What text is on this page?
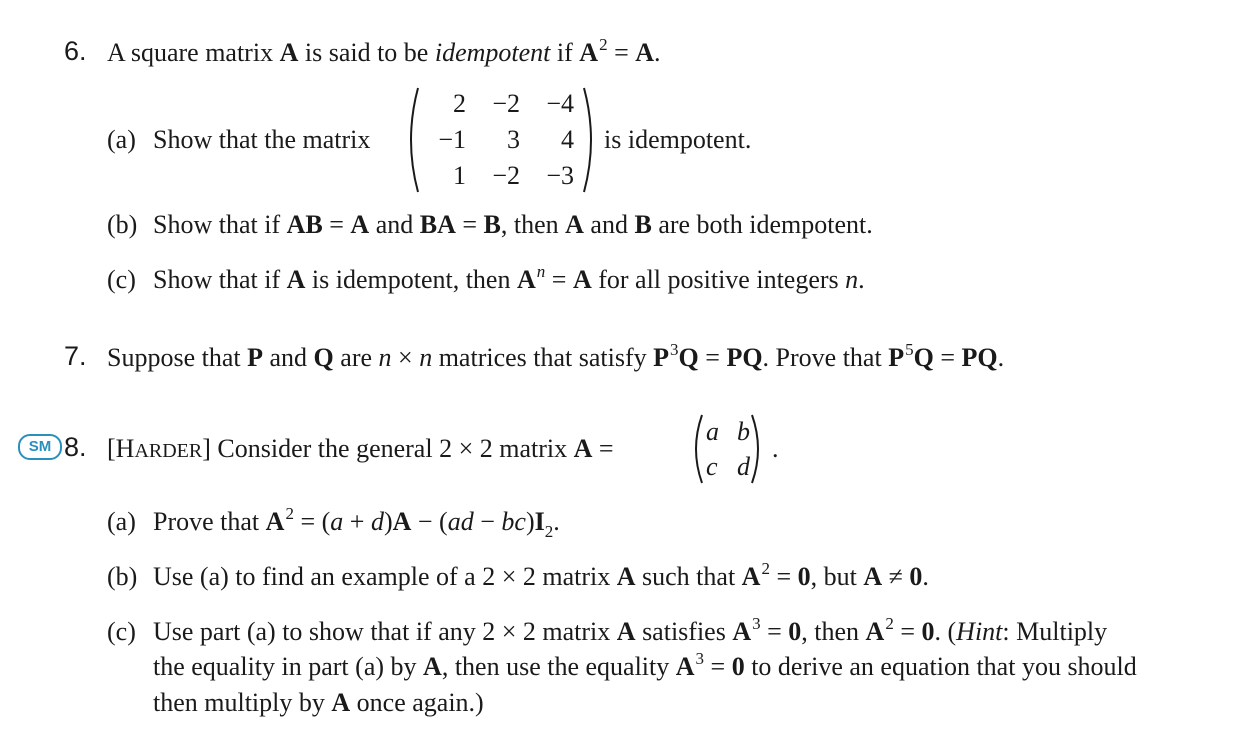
6. A square matrix A is said to be idempotent if $A^2 = A$.
(a) Show that the matrix
2 −2 −4
−1 3 4
1 −2 −3
is idempotent.
(b) Show that if AB = A and BA = B, then A and B are both idempotent.
(c) Show that if A is idempotent, then $A^n = A$ for all positive integers n.
7. Suppose that P and Q are n × n matrices that satisfy $P^3Q$ = PQ. Prove that $P^5Q$ = PQ.
SM 8. [HARDER] Consider the general 2 × 2 matrix A =
a b
c d
.
(a) Prove that $A^2 = (a + d)A - (ad - bc)I_2$.
(b) Use (a) to find an example of a 2 × 2 matrix A such that $A^2 = 0$, but A ≠ 0.
(c) Use part (a) to show that if any 2 × 2 matrix A satisfies $A^3 = 0$, then $A^2 = 0$. (Hint: Multiply
the equality in part (a) by A, then use the equality $A^3 = 0$ to derive an equation that you should
then multiply by A once again.)
